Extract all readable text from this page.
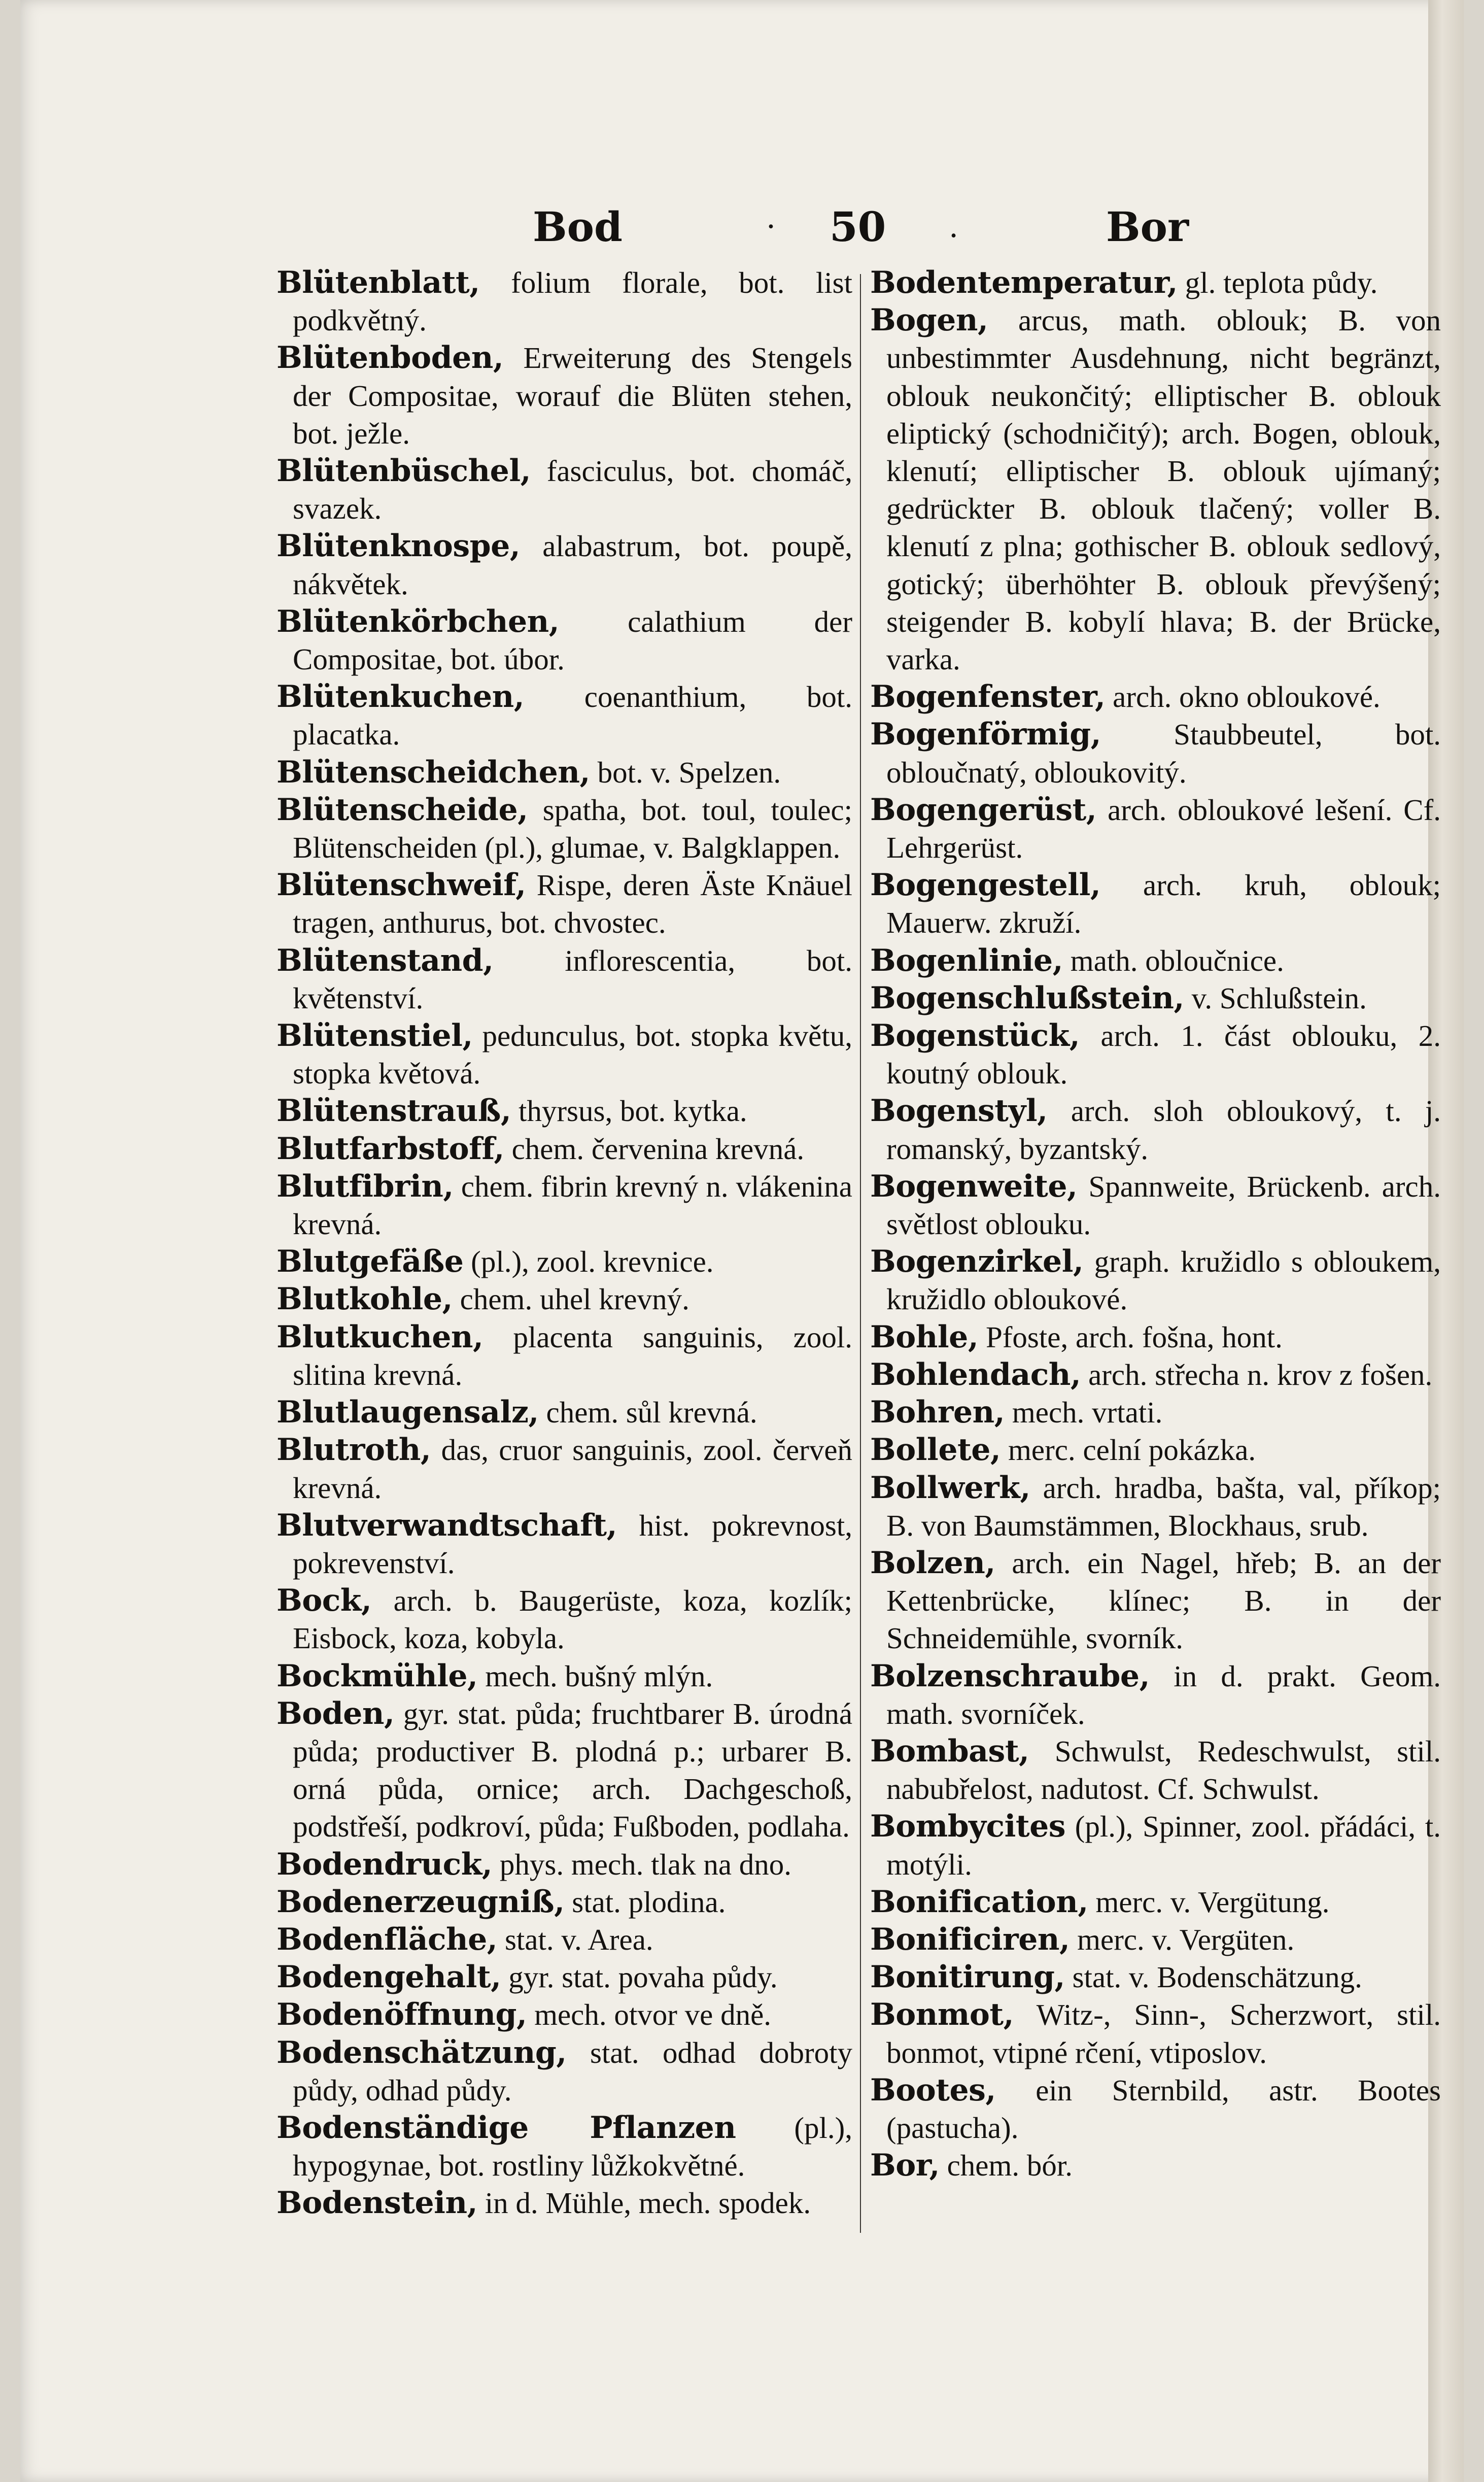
Bod	· 50 .	Bor

Blütenblatt, folium florale, bot. list podkvětný.

Blütenboden, Erweiterung des Stengels der Compositae, worauf die Blüten stehen, bot. ježle.

Blütenbüschel, fasciculus, bot. chomáč, svazek.

Blütenknospe, alabastrum, bot. poupě, nákvětek.

Blütenkörbchen, calathium der Compositae, bot. úbor.

Blütenkuchen, coenanthium, bot. placatka.

Blütenscheidchen, bot. v. Spelzen.

Blütenscheide, spatha, bot. toul, toulec; Blütenscheiden (pl.), glumae, v. Balgklappen.

Blütenschweif, Rispe, deren Äste Knäuel tragen, anthurus, bot. chvostec.

Blütenstand, inflorescentia, bot. květenství.

Blütenstiel, pedunculus, bot. stopka květu, stopka květová.

Blütenstrauß, thyrsus, bot. kytka.

Blutfarbstoff, chem. červenina krevná.

Blutfibrin, chem. fibrin krevný n. vlákenina krevná.

Blutgefäße (pl.), zool. krevnice.

Blutkohle, chem. uhel krevný.

Blutkuchen, placenta sanguinis, zool. slitina krevná.

Blutlaugensalz, chem. sůl krevná.

Blutroth, das, cruor sanguinis, zool. červeň krevná.

Blutverwandtschaft, hist. pokrevnost, pokrevenství.

Bock, arch. b. Baugerüste, koza, kozlík; Eisbock, koza, kobyla.

Bockmühle, mech. bušný mlýn.

Boden, gyr. stat. půda; fruchtbarer B. úrodná půda; productiver B. plodná p.; urbarer B. orná půda, ornice; arch. Dachgeschoß, podstřeší, podkroví, půda; Fußboden, podlaha.

Bodendruck, phys. mech. tlak na dno.

Bodenerzeugniß, stat. plodina.

Bodenfläche, stat. v. Area.

Bodengehalt, gyr. stat. povaha půdy.

Bodenöffnung, mech. otvor ve dně.

Bodenschätzung, stat. odhad dobroty půdy, odhad půdy.

Bodenständige Pflanzen (pl.), hypogynae, bot. rostliny lůžkokvětné.

Bodenstein, in d. Mühle, mech. spodek.

Bodentemperatur, gl. teplota půdy.

Bogen, arcus, math. oblouk; B. von unbestimmter Ausdehnung, nicht begränzt, oblouk neukončitý; elliptischer B. oblouk eliptický (schodničitý); arch. Bogen, oblouk, klenutí; elliptischer B. oblouk ujímaný; gedrückter B. oblouk tlačený; voller B. klenutí z plna; gothischer B. oblouk sedlový, gotický; überhöhter B. oblouk převýšený; steigender B. kobylí hlava; B. der Brücke, varka.

Bogenfenster, arch. okno obloukové.

Bogenförmig, Staubbeutel, bot. obloučnatý, obloukovitý.

Bogengerüst, arch. obloukové lešení. Cf. Lehrgerüst.

Bogengestell, arch. kruh, oblouk; Mauerw. zkruží.

Bogenlinie, math. obloučnice.

Bogenschlußstein, v. Schlußstein.

Bogenstück, arch. 1. část oblouku, 2. koutný oblouk.

Bogenstyl, arch. sloh obloukový, t. j. romanský, byzantský.

Bogenweite, Spannweite, Brückenb. arch. světlost oblouku.

Bogenzirkel, graph. kružidlo s obloukem, kružidlo obloukové.

Bohle, Pfoste, arch. fošna, hont.

Bohlendach, arch. střecha n. krov z fošen.

Bohren, mech. vrtati.

Bollete, merc. celní pokázka.

Bollwerk, arch. hradba, bašta, val, příkop; B. von Baumstämmen, Blockhaus, srub.

Bolzen, arch. ein Nagel, hřeb; B. an der Kettenbrücke, klínec; B. in der Schneidemühle, svorník.

Bolzenschraube, in d. prakt. Geom. math. svorníček.

Bombast, Schwulst, Redeschwulst, stil. nabubřelost, nadutost. Cf. Schwulst.

Bombycites (pl.), Spinner, zool. přádáci, t. motýli.

Bonification, merc. v. Vergütung.

Bonificiren, merc. v. Vergüten.

Bonitirung, stat. v. Bodenschätzung.

Bonmot, Witz-, Sinn-, Scherzwort, stil. bonmot, vtipné rčení, vtiposlov.

Bootes, ein Sternbild, astr. Bootes (pastucha).

Bor, chem. bór.
